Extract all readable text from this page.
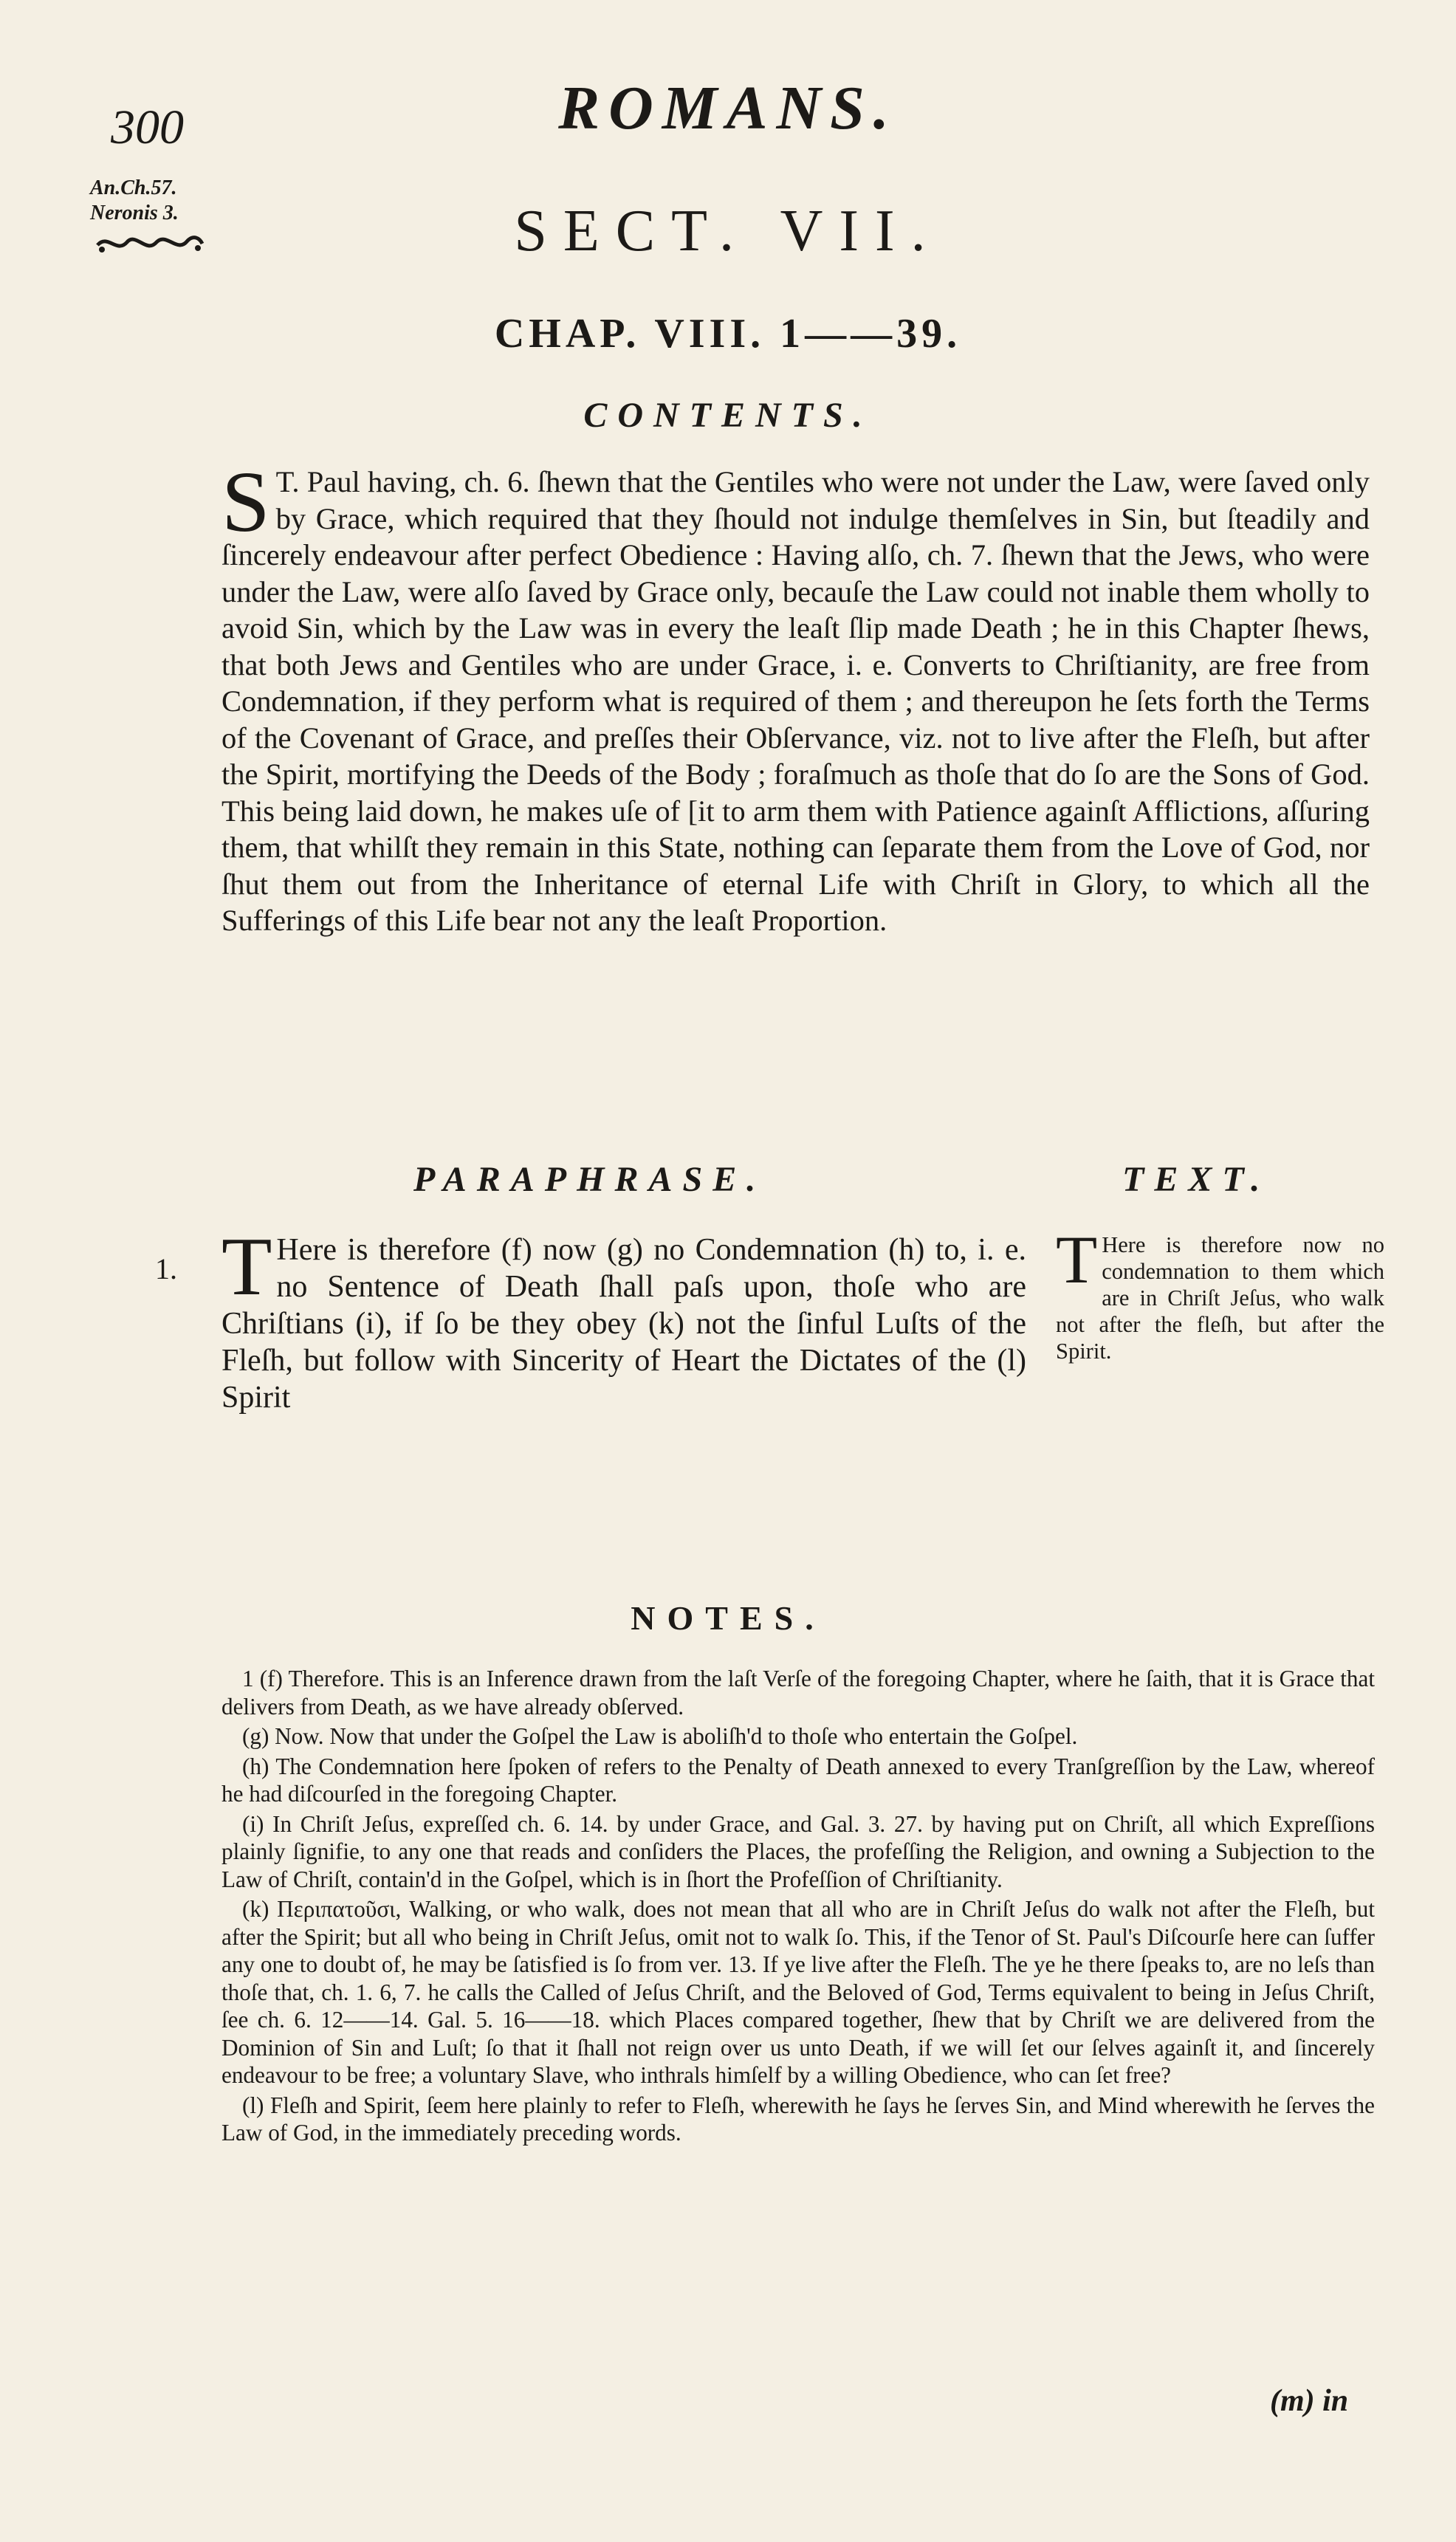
300
An.Ch.57.
Neronis 3.
ROMANS.
SECT. VII.
CHAP. VIII. 1——39.
CONTENTS.
S T. Paul having, ch. 6. ſhewn that the Gentiles who were not under the Law, were ſaved only by Grace, which required that they ſhould not indulge themſelves in Sin, but ſteadily and ſincerely endeavour after perfect Obedience : Having alſo, ch. 7. ſhewn that the Jews, who were under the Law, were alſo ſaved by Grace only, becauſe the Law could not inable them wholly to avoid Sin, which by the Law was in every the leaſt ſlip made Death ; he in this Chapter ſhews, that both Jews and Gentiles who are under Grace, i. e. Converts to Chriſtianity, are free from Condemnation, if they perform what is required of them ; and thereupon he ſets forth the Terms of the Covenant of Grace, and preſſes their Obſervance, viz. not to live after the Fleſh, but after the Spirit, mortifying the Deeds of the Body ; foraſmuch as thoſe that do ſo are the Sons of God. This being laid down, he makes uſe of [it to arm them with Patience againſt Afflictions, aſſuring them, that whilſt they remain in this State, nothing can ſeparate them from the Love of God, nor ſhut them out from the Inheritance of eternal Life with Chriſt in Glory, to which all the Sufferings of this Life bear not any the leaſt Proportion.
PARAPHRASE.	TEXT.
1. T Here is therefore (f) now (g) no Condemnation (h) to, i. e. no Sentence of Death ſhall paſs upon, thoſe who are Chriſtians (i), if ſo be they obey (k) not the ſinful Luſts of the Fleſh, but follow with Sincerity of Heart the Dictates of the (l) Spirit
T Here is therefore now no condemnation to them which are in Chriſt Jeſus, who walk not after the fleſh, but after the Spirit.
NOTES.

1 (f) Therefore. This is an Inference drawn from the laſt Verſe of the foregoing Chapter, where he ſaith, that it is Grace that delivers from Death, as we have already obſerved.

(g) Now. Now that under the Goſpel the Law is aboliſh'd to thoſe who entertain the Goſpel.

(h) The Condemnation here ſpoken of refers to the Penalty of Death annexed to every Tranſgreſſion by the Law, whereof he had diſcourſed in the foregoing Chapter.

(i) In Chriſt Jeſus, expreſſed ch. 6. 14. by under Grace, and Gal. 3. 27. by having put on Chriſt, all which Expreſſions plainly ſignifie, to any one that reads and conſiders the Places, the profeſſing the Religion, and owning a Subjection to the Law of Chriſt, contain'd in the Goſpel, which is in ſhort the Profeſſion of Chriſtianity.

(k) Περιπατοῦσι, Walking, or who walk, does not mean that all who are in Chriſt Jeſus do walk not after the Fleſh, but after the Spirit; but all who being in Chriſt Jeſus, omit not to walk ſo. This, if the Tenor of St. Paul's Diſcourſe here can ſuffer any one to doubt of, he may be ſatisfied is ſo from ver. 13. If ye live after the Fleſh. The ye he there ſpeaks to, are no leſs than thoſe that, ch. 1. 6, 7. he calls the Called of Jeſus Chriſt, and the Beloved of God, Terms equivalent to being in Jeſus Chriſt, ſee ch. 6. 12——14. Gal. 5. 16——18. which Places compared together, ſhew that by Chriſt we are delivered from the Dominion of Sin and Luſt; ſo that it ſhall not reign over us unto Death, if we will ſet our ſelves againſt it, and ſincerely endeavour to be free; a voluntary Slave, who inthrals himſelf by a willing Obedience, who can ſet free?

(l) Fleſh and Spirit, ſeem here plainly to refer to Fleſh, wherewith he ſays he ſerves Sin, and Mind wherewith he ſerves the Law of God, in the immediately preceding words.

(m) in
